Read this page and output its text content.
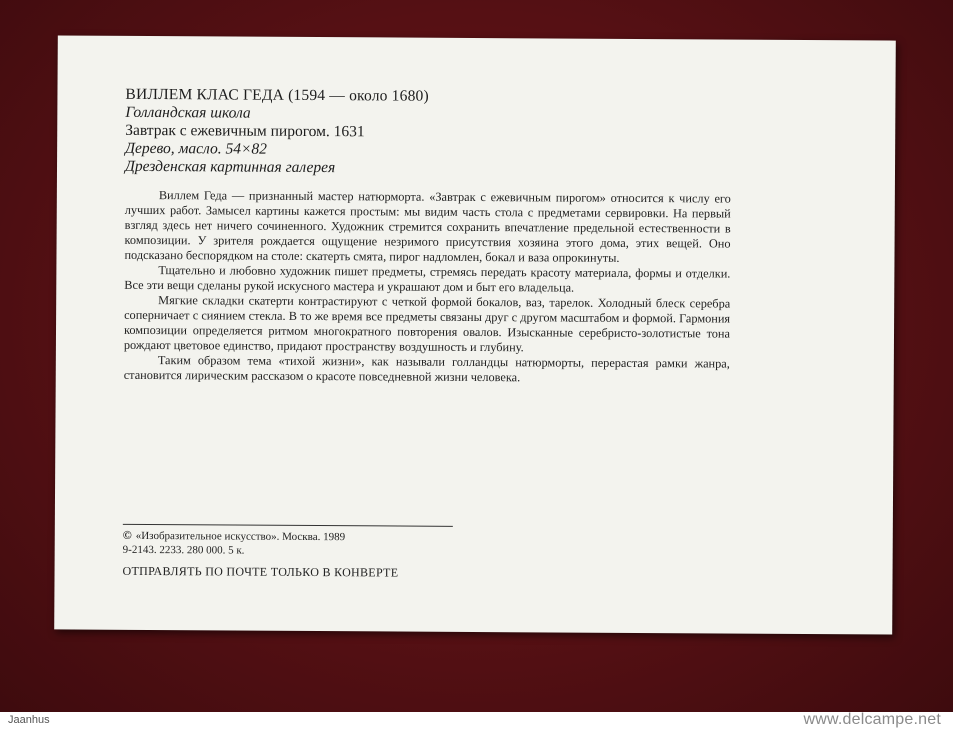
ВИЛЛЕМ КЛАС ГЕДА (1594 — около 1680)
Голландская школа
Завтрак с ежевичным пирогом. 1631
Дерево, масло. 54×82
Дрезденская картинная галерея

Виллем Геда — признанный мастер натюрморта. «Завтрак с ежевичным пирогом» относится к числу его лучших работ. Замысел картины кажется простым: мы видим часть стола с предметами сервировки. На первый взгляд здесь нет ничего сочиненного. Художник стремится сохранить впечатление предельной естественности в композиции. У зрителя рождается ощущение незримого присутствия хозяина этого дома, этих вещей. Оно подсказано беспорядком на столе: скатерть смята, пирог надломлен, бокал и ваза опрокинуты.

Тщательно и любовно художник пишет предметы, стремясь передать красоту материала, формы и отделки. Все эти вещи сделаны рукой искусного мастера и украшают дом и быт его владельца.

Мягкие складки скатерти контрастируют с четкой формой бокалов, ваз, тарелок. Холодный блеск серебра соперничает с сиянием стекла. В то же время все предметы связаны друг с другом масштабом и формой. Гармония композиции определяется ритмом многократного повторения овалов. Изысканные серебристо-золотистые тона рождают цветовое единство, придают пространству воздушность и глубину.

Таким образом тема «тихой жизни», как называли голландцы натюрморты, перерастая рамки жанра, становится лирическим рассказом о красоте повседневной жизни человека.

© «Изобразительное искусство». Москва. 1989
9-2143. 2233. 280 000. 5 к.
ОТПРАВЛЯТЬ ПО ПОЧТЕ ТОЛЬКО В КОНВЕРТЕ
Jaanhus	www.delcampe.net
